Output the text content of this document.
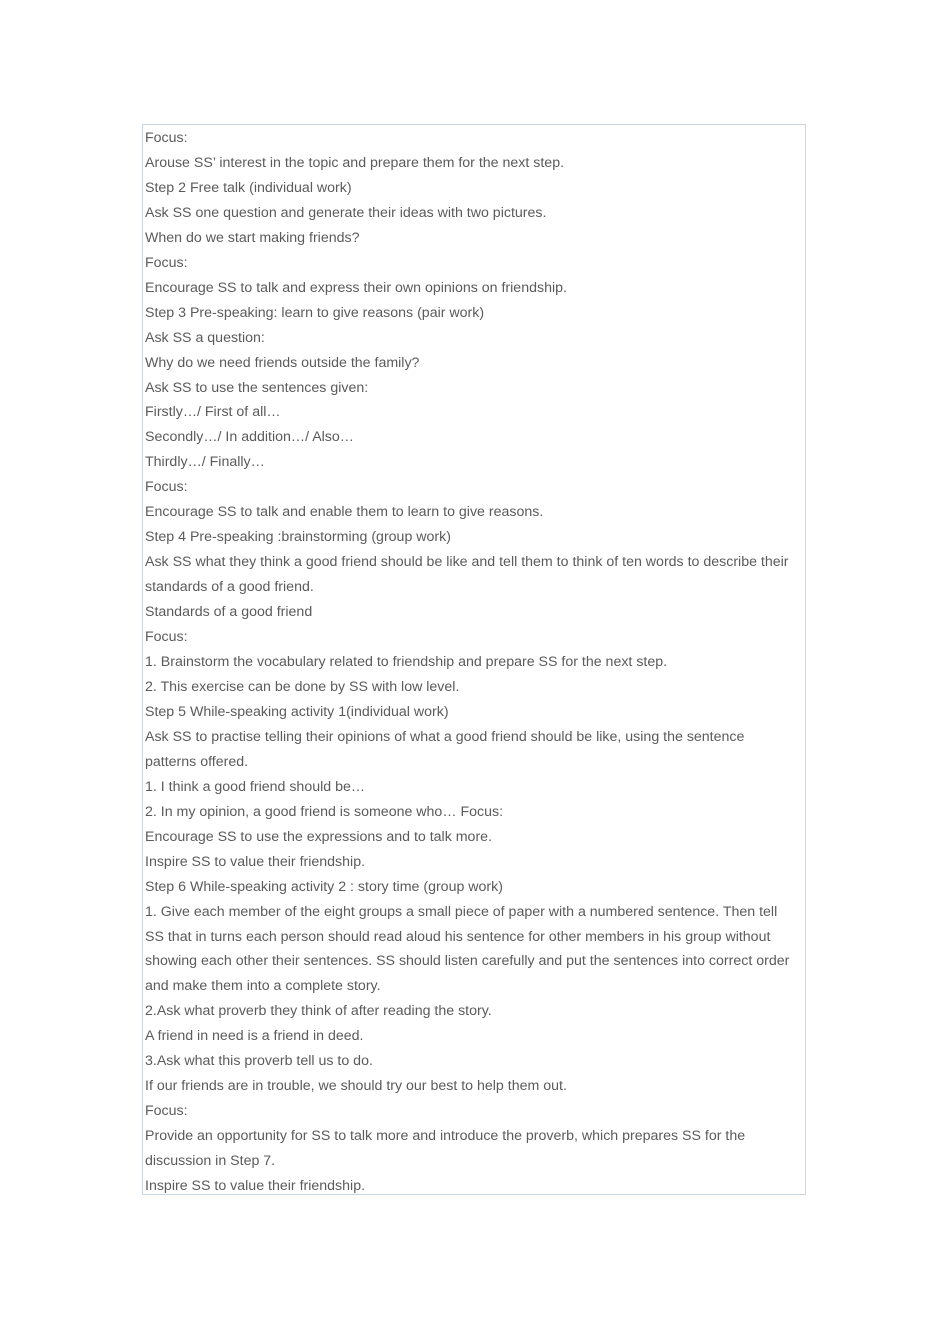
Focus:
Arouse SS’ interest in the topic and prepare them for the next step.
Step 2 Free talk (individual work)
Ask SS one question and generate their ideas with two pictures.
When do we start making friends?
Focus:
Encourage SS to talk and express their own opinions on friendship.
Step 3 Pre-speaking: learn to give reasons (pair work)
Ask SS a question:
Why do we need friends outside the family?
Ask SS to use the sentences given:
Firstly…/ First of all…
Secondly…/ In addition…/ Also…
Thirdly…/ Finally…
Focus:
Encourage SS to talk and enable them to learn to give reasons.
Step 4 Pre-speaking :brainstorming (group work)
Ask SS what they think a good friend should be like and tell them to think of ten words to describe their
standards of a good friend.
Standards of a good friend
Focus:
1. Brainstorm the vocabulary related to friendship and prepare SS for the next step.
2. This exercise can be done by SS with low level.
Step 5 While-speaking activity 1(individual work)
Ask SS to practise telling their opinions of what a good friend should be like, using the sentence
patterns offered.
1. I think a good friend should be…
2. In my opinion, a good friend is someone who… Focus:
Encourage SS to use the expressions and to talk more.
Inspire SS to value their friendship.
Step 6 While-speaking activity 2 : story time (group work)
1. Give each member of the eight groups a small piece of paper with a numbered sentence. Then tell
SS that in turns each person should read aloud his sentence for other members in his group without
showing each other their sentences. SS should listen carefully and put the sentences into correct order
and make them into a complete story.
2.Ask what proverb they think of after reading the story.
A friend in need is a friend in deed.
3.Ask what this proverb tell us to do.
If our friends are in trouble, we should try our best to help them out.
Focus:
Provide an opportunity for SS to talk more and introduce the proverb, which prepares SS for the
discussion in Step 7.
Inspire SS to value their friendship.
